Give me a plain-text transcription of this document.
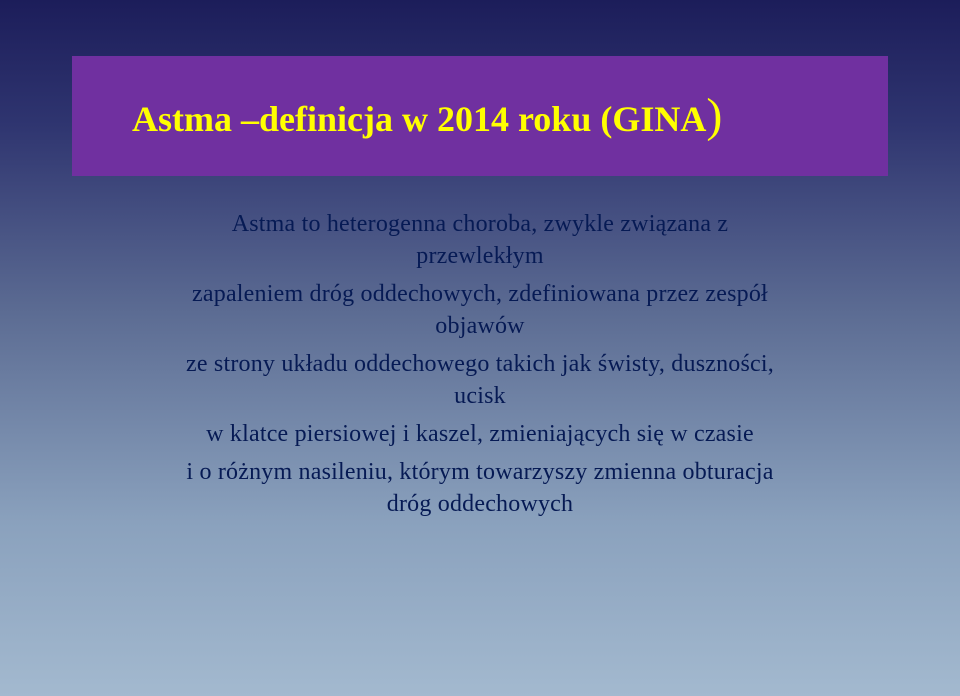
Astma –definicja w 2014 roku (GINA)
Astma to heterogenna choroba, zwykle związana z
przewlekłym
zapaleniem dróg oddechowych, zdefiniowana przez zespół
objawów
ze strony układu oddechowego takich jak świsty, duszności,
ucisk
w klatce piersiowej i kaszel, zmieniających się w czasie
i o różnym nasileniu, którym towarzyszy zmienna obturacja
dróg oddechowych
